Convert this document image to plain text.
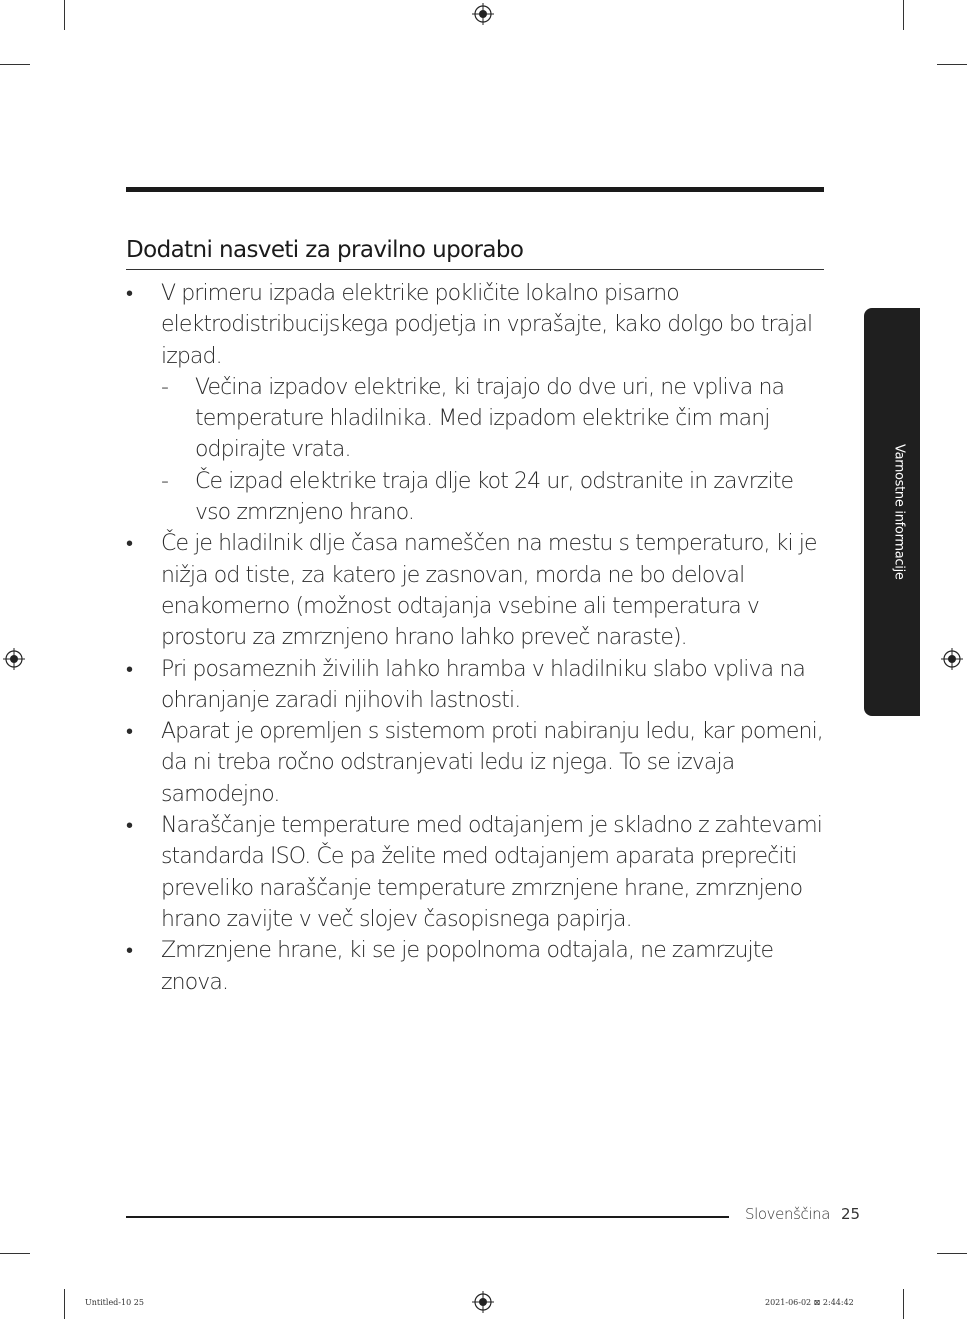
Dodatni nasveti za pravilno uporabo
• V primeru izpada elektrike pokličite lokalno pisarno elektrodistribucijskega podjetja in vprašajte, kako dolgo bo trajal izpad.
- Večina izpadov elektrike, ki trajajo do dve uri, ne vpliva na temperature hladilnika. Med izpadom elektrike čim manj odpirajte vrata.
- Če izpad elektrike traja dlje kot 24 ur, odstranite in zavrzite vso zmrznjeno hrano.
• Če je hladilnik dlje časa nameščen na mestu s temperaturo, ki je nižja od tiste, za katero je zasnovan, morda ne bo deloval enakomerno (možnost odtajanja vsebine ali temperatura v prostoru za zmrznjeno hrano lahko preveč naraste).
• Pri posameznih živilih lahko hramba v hladilniku slabo vpliva na ohranjanje zaradi njihovih lastnosti.
• Aparat je opremljen s sistemom proti nabiranju ledu, kar pomeni, da ni treba ročno odstranjevati ledu iz njega. To se izvaja samodejno.
• Naraščanje temperature med odtajanjem je skladno z zahtevami standarda ISO. Če pa želite med odtajanjem aparata preprečiti preveliko naraščanje temperature zmrznjene hrane, zmrznjeno hrano zavijte v več slojev časopisnega papirja.
• Zmrznjene hrane, ki se je popolnoma odtajala, ne zamrzujte znova.
Varnostne informacije
Slovenščina 25
Untitled-10 25	2021-06-02 ⊠ 2:44:42
